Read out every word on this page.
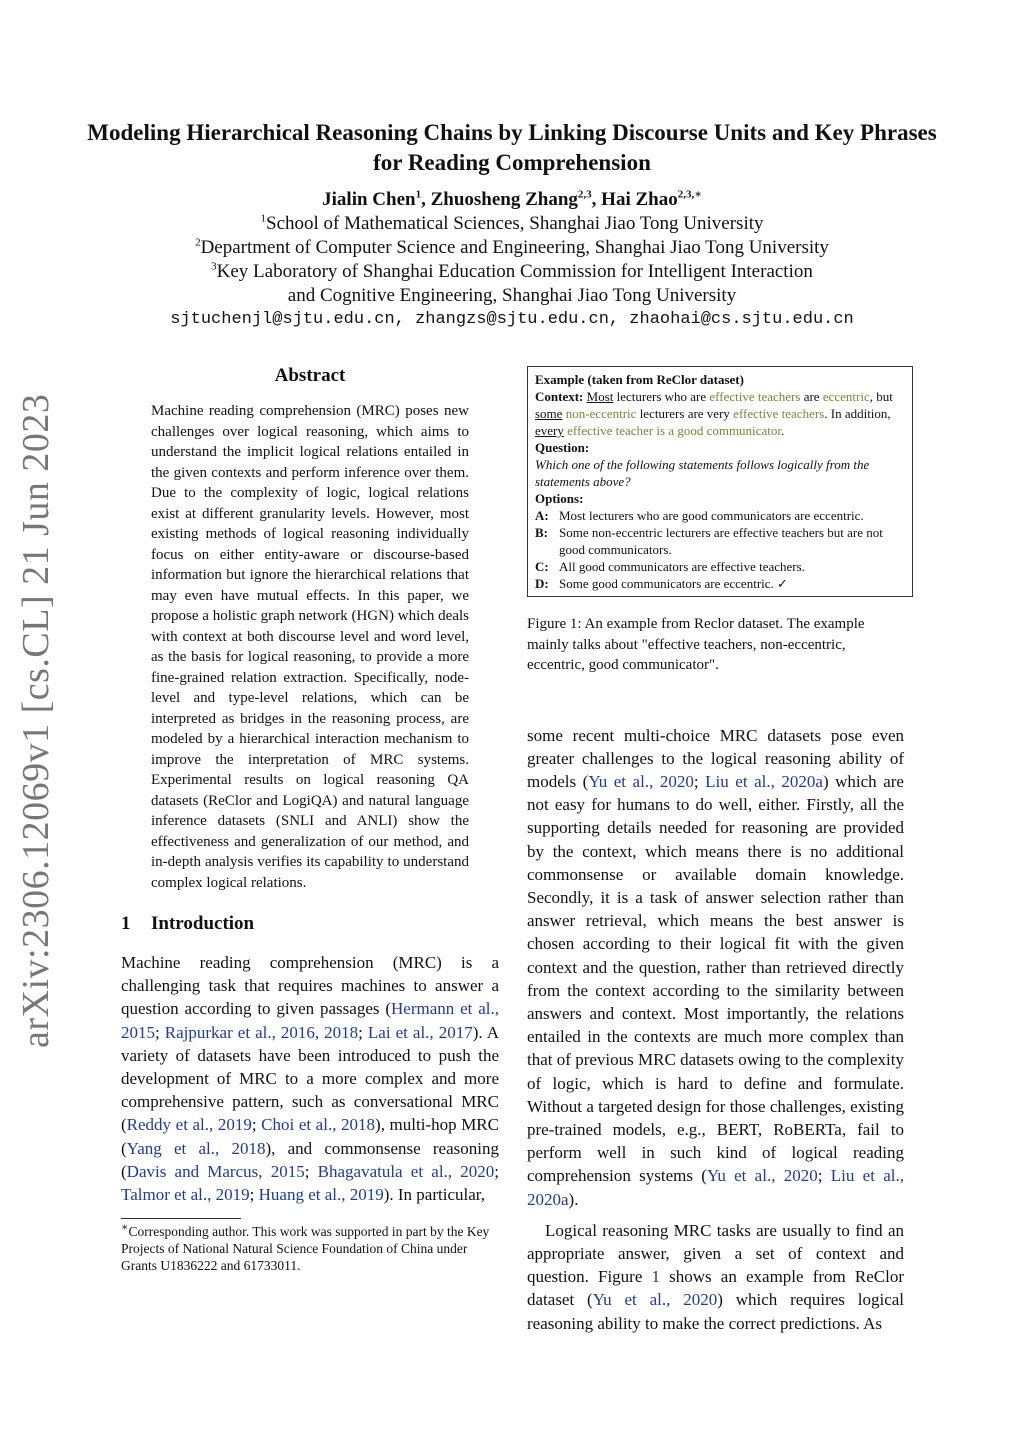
arXiv:2306.12069v1 [cs.CL] 21 Jun 2023
Modeling Hierarchical Reasoning Chains by Linking Discourse Units and Key Phrases for Reading Comprehension
Jialin Chen$^1$, Zhuosheng Zhang$^{2,3}$, Hai Zhao$^{2,3,∗}$
$^1$School of Mathematical Sciences, Shanghai Jiao Tong University
$^2$Department of Computer Science and Engineering, Shanghai Jiao Tong University
$^3$Key Laboratory of Shanghai Education Commission for Intelligent Interaction
and Cognitive Engineering, Shanghai Jiao Tong University
sjtuchenjl@sjtu.edu.cn, zhangzs@sjtu.edu.cn, zhaohai@cs.sjtu.edu.cn
Abstract
Machine reading comprehension (MRC) poses new challenges over logical reasoning, which aims to understand the implicit logical relations entailed in the given contexts and perform inference over them. Due to the complexity of logic, logical relations exist at different granularity levels. However, most existing methods of logical reasoning individually focus on either entity-aware or discourse-based information but ignore the hierarchical relations that may even have mutual effects. In this paper, we propose a holistic graph network (HGN) which deals with context at both discourse level and word level, as the basis for logical reasoning, to provide a more fine-grained relation extraction. Specifically, node-level and type-level relations, which can be interpreted as bridges in the reasoning process, are modeled by a hierarchical interaction mechanism to improve the interpretation of MRC systems. Experimental results on logical reasoning QA datasets (ReClor and LogiQA) and natural language inference datasets (SNLI and ANLI) show the effectiveness and generalization of our method, and in-depth analysis verifies its capability to understand complex logical relations.
1 Introduction

Machine reading comprehension (MRC) is a challenging task that requires machines to answer a question according to given passages (Hermann et al., 2015; Rajpurkar et al., 2016, 2018; Lai et al., 2017). A variety of datasets have been introduced to push the development of MRC to a more complex and more comprehensive pattern, such as conversational MRC (Reddy et al., 2019; Choi et al., 2018), multi-hop MRC (Yang et al., 2018), and commonsense reasoning (Davis and Marcus, 2015; Bhagavatula et al., 2020; Talmor et al., 2019; Huang et al., 2019). In particular,

∗Corresponding author. This work was supported in part by the Key Projects of National Natural Science Foundation of China under Grants U1836222 and 61733011.
Example (taken from ReClor dataset)
Context: Most lecturers who are effective teachers are eccentric, but some non-eccentric lecturers are very effective teachers. In addition, every effective teacher is a good communicator.
Question:
Which one of the following statements follows logically from the statements above?
Options:
A: Most lecturers who are good communicators are eccentric.
B: Some non-eccentric lecturers are effective teachers but are not good communicators.
C: All good communicators are effective teachers.
D: Some good communicators are eccentric. ✓
Figure 1: An example from Reclor dataset. The example mainly talks about "effective teachers, non-eccentric, eccentric, good communicator".

some recent multi-choice MRC datasets pose even greater challenges to the logical reasoning ability of models (Yu et al., 2020; Liu et al., 2020a) which are not easy for humans to do well, either. Firstly, all the supporting details needed for reasoning are provided by the context, which means there is no additional commonsense or available domain knowledge. Secondly, it is a task of answer selection rather than answer retrieval, which means the best answer is chosen according to their logical fit with the given context and the question, rather than retrieved directly from the context according to the similarity between answers and context. Most importantly, the relations entailed in the contexts are much more complex than that of previous MRC datasets owing to the complexity of logic, which is hard to define and formulate. Without a targeted design for those challenges, existing pre-trained models, e.g., BERT, RoBERTa, fail to perform well in such kind of logical reading comprehension systems (Yu et al., 2020; Liu et al., 2020a).

Logical reasoning MRC tasks are usually to find an appropriate answer, given a set of context and question. Figure 1 shows an example from ReClor dataset (Yu et al., 2020) which requires logical reasoning ability to make the correct predictions. As
